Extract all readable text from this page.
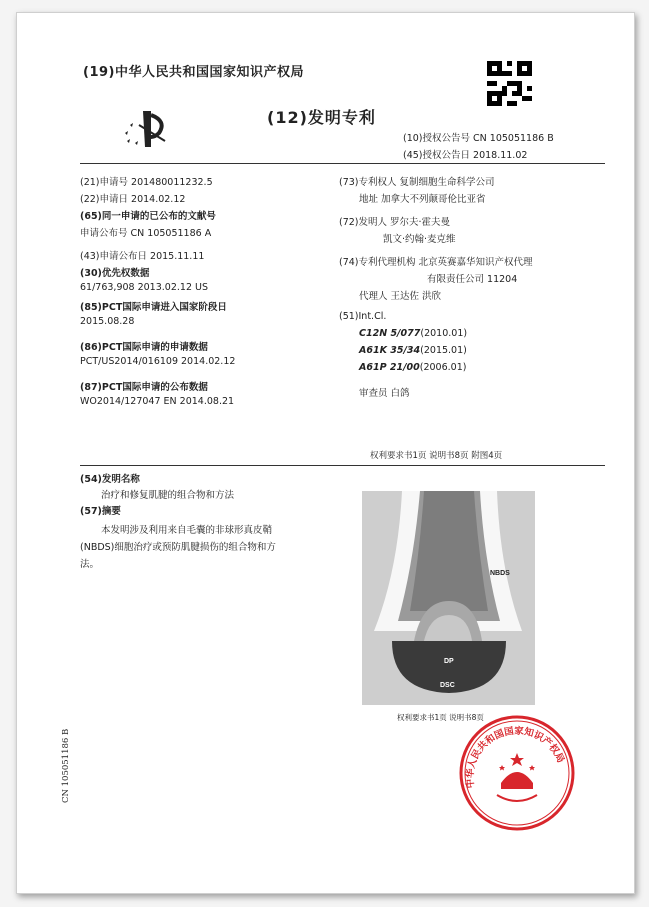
(19)中华人民共和国国家知识产权局
(12)发明专利
(10)授权公告号 CN 105051186 B
(45)授权公告日 2018.11.02
(21)申请号 201480011232.5
(22)申请日 2014.02.12
(65)同一申请的已公布的文献号
申请公布号 CN 105051186 A
(43)申请公布日 2015.11.11
(30)优先权数据
61/763,908 2013.02.12 US
(85)PCT国际申请进入国家阶段日
2015.08.28
(86)PCT国际申请的申请数据
PCT/US2014/016109 2014.02.12
(87)PCT国际申请的公布数据
WO2014/127047 EN 2014.08.21
(73)专利权人 复制细胞生命科学公司
地址 加拿大不列颠哥伦比亚省
(72)发明人 罗尔夫·霍夫曼
凯文·约翰·麦克维
(74)专利代理机构 北京英赛嘉华知识产权代理
有限责任公司 11204
代理人 王达佐 洪欣
(51)Int.Cl.
C12N 5/077(2010.01)
A61K 35/34(2015.01)
A61P 21/00(2006.01)
审查员 白鸽
权利要求书1页 说明书8页 附图4页
(54)发明名称
治疗和修复肌腱的组合物和方法
(57)摘要
本发明涉及利用来自毛囊的非球形真皮鞘
(NBDS)细胞治疗或预防肌腱损伤的组合物和方
法。
NBDS
DP
DSC
权利要求书1页 说明书8页
CN 105051186 B	中华人民共和国国家知识产权局
